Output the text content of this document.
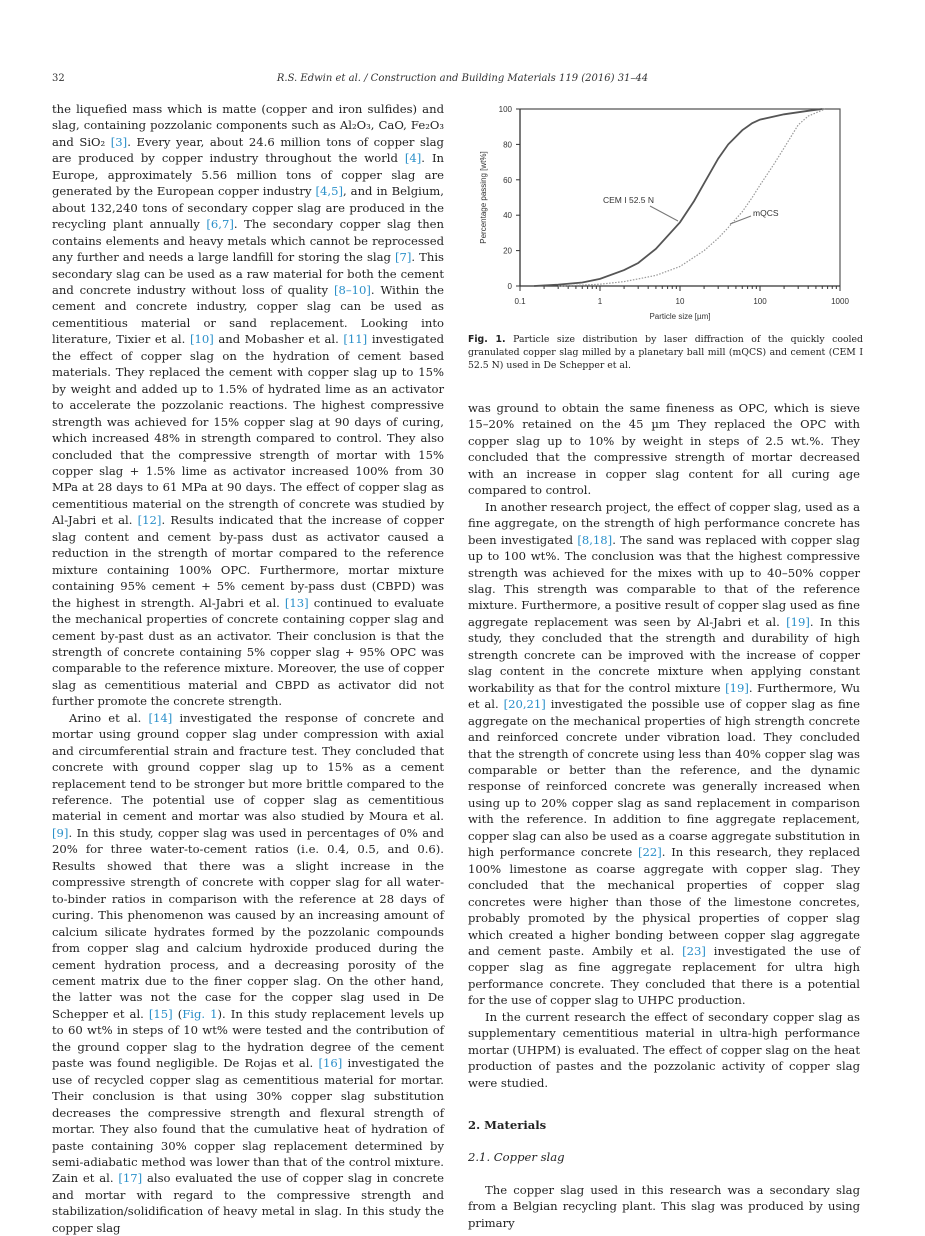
32	R.S. Edwin et al. / Construction and Building Materials 119 (2016) 31–44

the liquefied mass which is matte (copper and iron sulfides) and slag, containing pozzolanic components such as Al₂O₃, CaO, Fe₂O₃ and SiO₂ [3]. Every year, about 24.6 million tons of copper slag are produced by copper industry throughout the world [4]. In Europe, approximately 5.56 million tons of copper slag are generated by the European copper industry [4,5], and in Belgium, about 132,240 tons of secondary copper slag are produced in the recycling plant annually [6,7]. The secondary copper slag then contains elements and heavy metals which cannot be reprocessed any further and needs a large landfill for storing the slag [7]. This secondary slag can be used as a raw material for both the cement and concrete industry without loss of quality [8–10]. Within the cement and concrete industry, copper slag can be used as cementitious material or sand replacement. Looking into literature, Tixier et al. [10] and Mobasher et al. [11] investigated the effect of copper slag on the hydration of cement based materials. They replaced the cement with copper slag up to 15% by weight and added up to 1.5% of hydrated lime as an activator to accelerate the pozzolanic reactions. The highest compressive strength was achieved for 15% copper slag at 90 days of curing, which increased 48% in strength compared to control. They also concluded that the compressive strength of mortar with 15% copper slag + 1.5% lime as activator increased 100% from 30 MPa at 28 days to 61 MPa at 90 days. The effect of copper slag as cementitious material on the strength of concrete was studied by Al-Jabri et al. [12]. Results indicated that the increase of copper slag content and cement by-pass dust as activator caused a reduction in the strength of mortar compared to the reference mixture containing 100% OPC. Furthermore, mortar mixture containing 95% cement + 5% cement by-pass dust (CBPD) was the highest in strength. Al-Jabri et al. [13] continued to evaluate the mechanical properties of concrete containing copper slag and cement by-past dust as an activator. Their conclusion is that the strength of concrete containing 5% copper slag + 95% OPC was comparable to the reference mixture. Moreover, the use of copper slag as cementitious material and CBPD as activator did not further promote the concrete strength.

Arino et al. [14] investigated the response of concrete and mortar using ground copper slag under compression with axial and circumferential strain and fracture test. They concluded that concrete with ground copper slag up to 15% as a cement replacement tend to be stronger but more brittle compared to the reference. The potential use of copper slag as cementitious material in cement and mortar was also studied by Moura et al. [9]. In this study, copper slag was used in percentages of 0% and 20% for three water-to-cement ratios (i.e. 0.4, 0.5, and 0.6). Results showed that there was a slight increase in the compressive strength of concrete with copper slag for all water-to-binder ratios in comparison with the reference at 28 days of curing. This phenomenon was caused by an increasing amount of calcium silicate hydrates formed by the pozzolanic compounds from copper slag and calcium hydroxide produced during the cement hydration process, and a decreasing porosity of the cement matrix due to the finer copper slag. On the other hand, the latter was not the case for the copper slag used in De Schepper et al. [15] (Fig. 1). In this study replacement levels up to 60 wt% in steps of 10 wt% were tested and the contribution of the ground copper slag to the hydration degree of the cement paste was found negligible. De Rojas et al. [16] investigated the use of recycled copper slag as cementitious material for mortar. Their conclusion is that using 30% copper slag substitution decreases the compressive strength and flexural strength of mortar. They also found that the cumulative heat of hydration of paste containing 30% copper slag replacement determined by semi-adiabatic method was lower than that of the control mixture. Zain et al. [17] also evaluated the use of copper slag in concrete and mortar with regard to the compressive strength and stabilization/solidification of heavy metal in slag. In this study the copper slag

0
20
40
60
80
100
0.1	1	10	100	1000
Particle size [µm]
Percentage passing [wt%]	CEM I 52.5 N
mQCS
Fig. 1. Particle size distribution by laser diffraction of the quickly cooled granulated copper slag milled by a planetary ball mill (mQCS) and cement (CEM I 52.5 N) used in De Schepper et al.

was ground to obtain the same fineness as OPC, which is sieve 15–20% retained on the 45 µm They replaced the OPC with copper slag up to 10% by weight in steps of 2.5 wt.%. They concluded that the compressive strength of mortar decreased with an increase in copper slag content for all curing age compared to control.

In another research project, the effect of copper slag, used as a fine aggregate, on the strength of high performance concrete has been investigated [8,18]. The sand was replaced with copper slag up to 100 wt%. The conclusion was that the highest compressive strength was achieved for the mixes with up to 40–50% copper slag. This strength was comparable to that of the reference mixture. Furthermore, a positive result of copper slag used as fine aggregate replacement was seen by Al-Jabri et al. [19]. In this study, they concluded that the strength and durability of high strength concrete can be improved with the increase of copper slag content in the concrete mixture when applying constant workability as that for the control mixture [19]. Furthermore, Wu et al. [20,21] investigated the possible use of copper slag as fine aggregate on the mechanical properties of high strength concrete and reinforced concrete under vibration load. They concluded that the strength of concrete using less than 40% copper slag was comparable or better than the reference, and the dynamic response of reinforced concrete was generally increased when using up to 20% copper slag as sand replacement in comparison with the reference. In addition to fine aggregate replacement, copper slag can also be used as a coarse aggregate substitution in high performance concrete [22]. In this research, they replaced 100% limestone as coarse aggregate with copper slag. They concluded that the mechanical properties of copper slag concretes were higher than those of the limestone concretes, probably promoted by the physical properties of copper slag which created a higher bonding between copper slag aggregate and cement paste. Ambily et al. [23] investigated the use of copper slag as fine aggregate replacement for ultra high performance concrete. They concluded that there is a potential for the use of copper slag to UHPC production.

In the current research the effect of secondary copper slag as supplementary cementitious material in ultra-high performance mortar (UHPM) is evaluated. The effect of copper slag on the heat production of pastes and the pozzolanic activity of copper slag were studied.

2. Materials
2.1. Copper slag

The copper slag used in this research was a secondary slag from a Belgian recycling plant. This slag was produced by using primary
